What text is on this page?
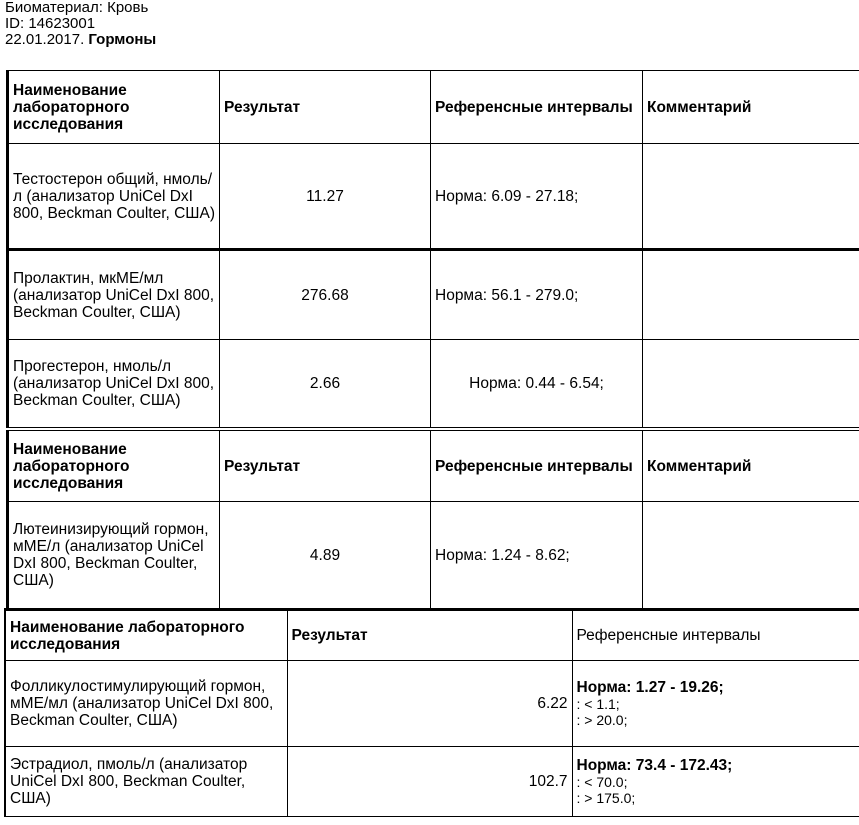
Биоматериал: Кровь
ID: 14623001
22.01.2017. Гормоны
Наименование лабораторного исследования	Результат	Референсные интервалы	Комментарий
Тестостерон общий, нмоль/л (анализатор UniCel DxI 800, Beckman Coulter, США)	11.27	Норма: 6.09 - 27.18;	
Пролактин, мкМЕ/мл (анализатор UniCel DxI 800, Beckman Coulter, США)	276.68	Норма: 56.1 - 279.0;	
Прогестерон, нмоль/л (анализатор UniCel DxI 800, Beckman Coulter, США)	2.66	Норма: 0.44 - 6.54;	
Наименование лабораторного исследования	Результат	Референсные интервалы	Комментарий
Лютеинизирующий гормон, мМЕ/л (анализатор UniCel DxI 800, Beckman Coulter, США)	4.89	Норма: 1.24 - 8.62;	
Наименование лабораторного исследования	Результат	Референсные интервалы
Фолликулостимулирующий гормон, мМЕ/мл (анализатор UniCel DxI 800, Beckman Coulter, США)	6.22	Норма: 1.27 - 19.26;
: < 1.1;
: > 20.0;

Эстрадиол, пмоль/л (анализатор UniCel DxI 800, Beckman Coulter, США)	102.7	Норма: 73.4 - 172.43;
: < 70.0;
: > 175.0;
